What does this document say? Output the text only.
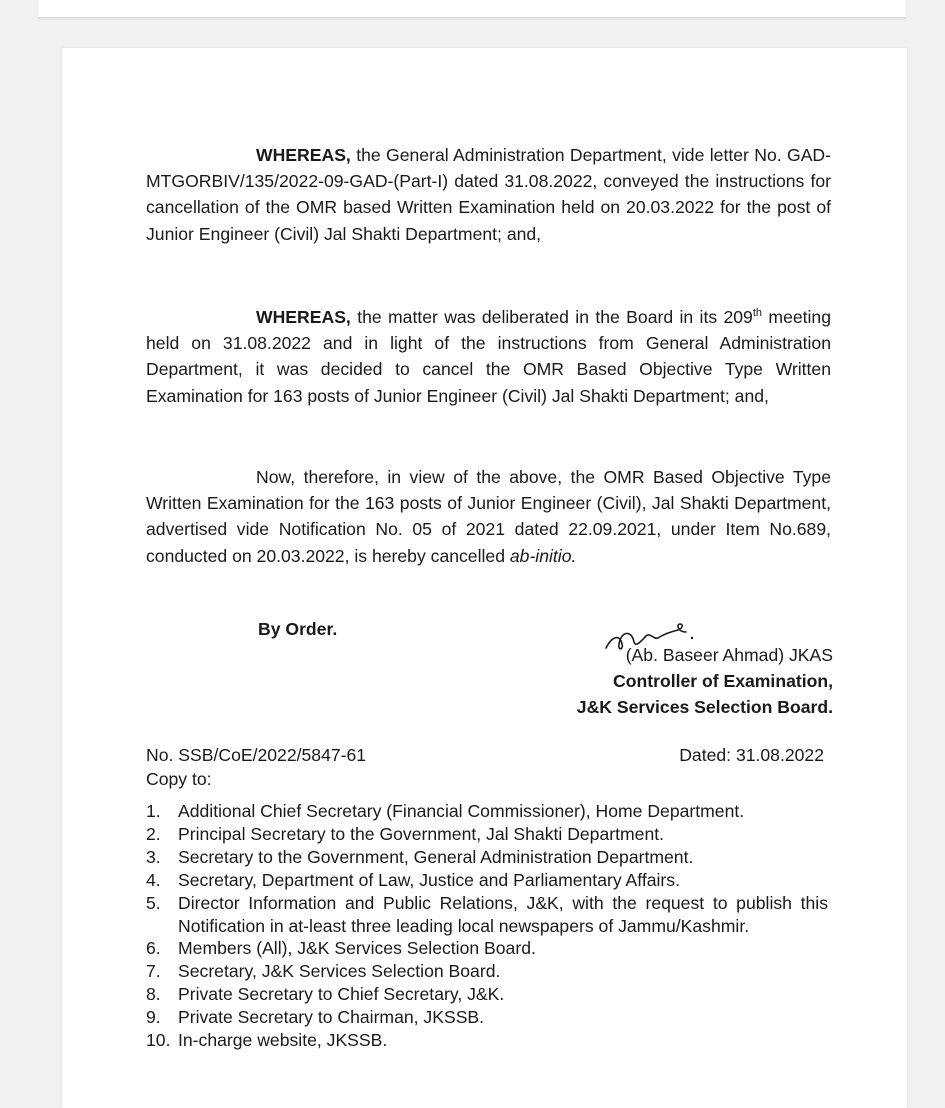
WHEREAS, the General Administration Department, vide letter No. GAD-MTGORBIV/135/2022-09-GAD-(Part-I) dated 31.08.2022, conveyed the instructions for cancellation of the OMR based Written Examination held on 20.03.2022 for the post of Junior Engineer (Civil) Jal Shakti Department; and,

WHEREAS, the matter was deliberated in the Board in its 209th meeting held on 31.08.2022 and in light of the instructions from General Administration Department, it was decided to cancel the OMR Based Objective Type Written Examination for 163 posts of Junior Engineer (Civil) Jal Shakti Department; and,

Now, therefore, in view of the above, the OMR Based Objective Type Written Examination for the 163 posts of Junior Engineer (Civil), Jal Shakti Department, advertised vide Notification No. 05 of 2021 dated 22.09.2021, under Item No.689, conducted on 20.03.2022, is hereby cancelled ab-initio.

By Order.
(Ab. Baseer Ahmad) JKAS
Controller of Examination,
J&K Services Selection Board.
No. SSB/CoE/2022/5847-61	Dated: 31.08.2022
Copy to:
1. Additional Chief Secretary (Financial Commissioner), Home Department.
2. Principal Secretary to the Government, Jal Shakti Department.
3. Secretary to the Government, General Administration Department.
4. Secretary, Department of Law, Justice and Parliamentary Affairs.
5. Director Information and Public Relations, J&K, with the request to publish this Notification in at-least three leading local newspapers of Jammu/Kashmir.
6. Members (All), J&K Services Selection Board.
7. Secretary, J&K Services Selection Board.
8. Private Secretary to Chief Secretary, J&K.
9. Private Secretary to Chairman, JKSSB.
10. In-charge website, JKSSB.
